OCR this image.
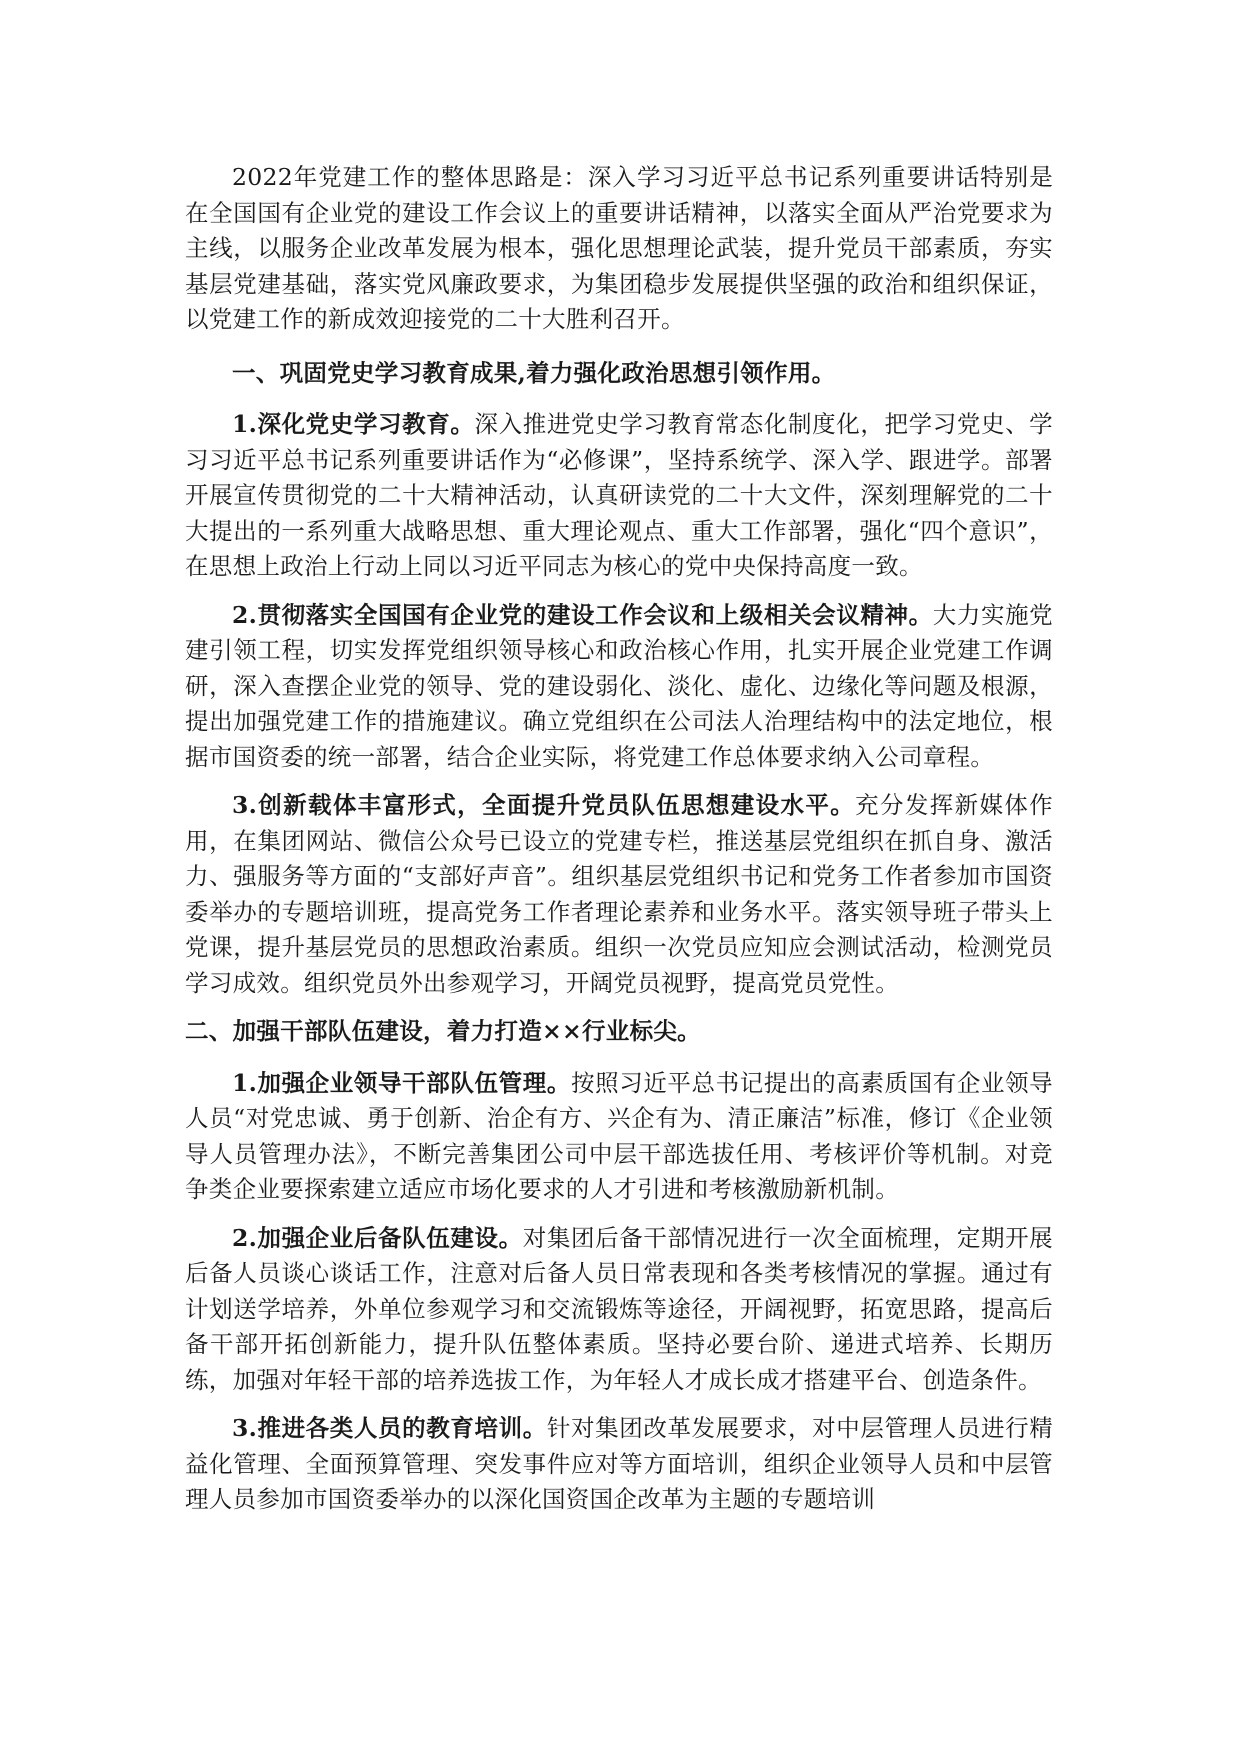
2022年党建工作的整体思路是：深入学习习近平总书记系列重要讲话特别是在全国国有企业党的建设工作会议上的重要讲话精神，以落实全面从严治党要求为主线，以服务企业改革发展为根本，强化思想理论武装，提升党员干部素质，夯实基层党建基础，落实党风廉政要求，为集团稳步发展提供坚强的政治和组织保证，以党建工作的新成效迎接党的二十大胜利召开。

一、巩固党史学习教育成果,着力强化政治思想引领作用。

1.深化党史学习教育。深入推进党史学习教育常态化制度化，把学习党史、学习习近平总书记系列重要讲话作为“必修课”，坚持系统学、深入学、跟进学。部署开展宣传贯彻党的二十大精神活动，认真研读党的二十大文件，深刻理解党的二十大提出的一系列重大战略思想、重大理论观点、重大工作部署，强化“四个意识”，在思想上政治上行动上同以习近平同志为核心的党中央保持高度一致。

2.贯彻落实全国国有企业党的建设工作会议和上级相关会议精神。大力实施党建引领工程，切实发挥党组织领导核心和政治核心作用，扎实开展企业党建工作调研，深入查摆企业党的领导、党的建设弱化、淡化、虚化、边缘化等问题及根源，提出加强党建工作的措施建议。确立党组织在公司法人治理结构中的法定地位，根据市国资委的统一部署，结合企业实际，将党建工作总体要求纳入公司章程。

3.创新载体丰富形式，全面提升党员队伍思想建设水平。充分发挥新媒体作用，在集团网站、微信公众号已设立的党建专栏，推送基层党组织在抓自身、激活力、强服务等方面的“支部好声音”。组织基层党组织书记和党务工作者参加市国资委举办的专题培训班，提高党务工作者理论素养和业务水平。落实领导班子带头上党课，提升基层党员的思想政治素质。组织一次党员应知应会测试活动，检测党员学习成效。组织党员外出参观学习，开阔党员视野，提高党员党性。

二、加强干部队伍建设，着力打造××行业标尖。

1.加强企业领导干部队伍管理。按照习近平总书记提出的高素质国有企业领导人员“对党忠诚、勇于创新、治企有方、兴企有为、清正廉洁”标准，修订《企业领导人员管理办法》，不断完善集团公司中层干部选拔任用、考核评价等机制。对竞争类企业要探索建立适应市场化要求的人才引进和考核激励新机制。

2.加强企业后备队伍建设。对集团后备干部情况进行一次全面梳理，定期开展后备人员谈心谈话工作，注意对后备人员日常表现和各类考核情况的掌握。通过有计划送学培养，外单位参观学习和交流锻炼等途径，开阔视野，拓宽思路，提高后备干部开拓创新能力，提升队伍整体素质。坚持必要台阶、递进式培养、长期历练，加强对年轻干部的培养选拔工作，为年轻人才成长成才搭建平台、创造条件。

3.推进各类人员的教育培训。针对集团改革发展要求，对中层管理人员进行精益化管理、全面预算管理、突发事件应对等方面培训，组织企业领导人员和中层管理人员参加市国资委举办的以深化国资国企改革为主题的专题培训
